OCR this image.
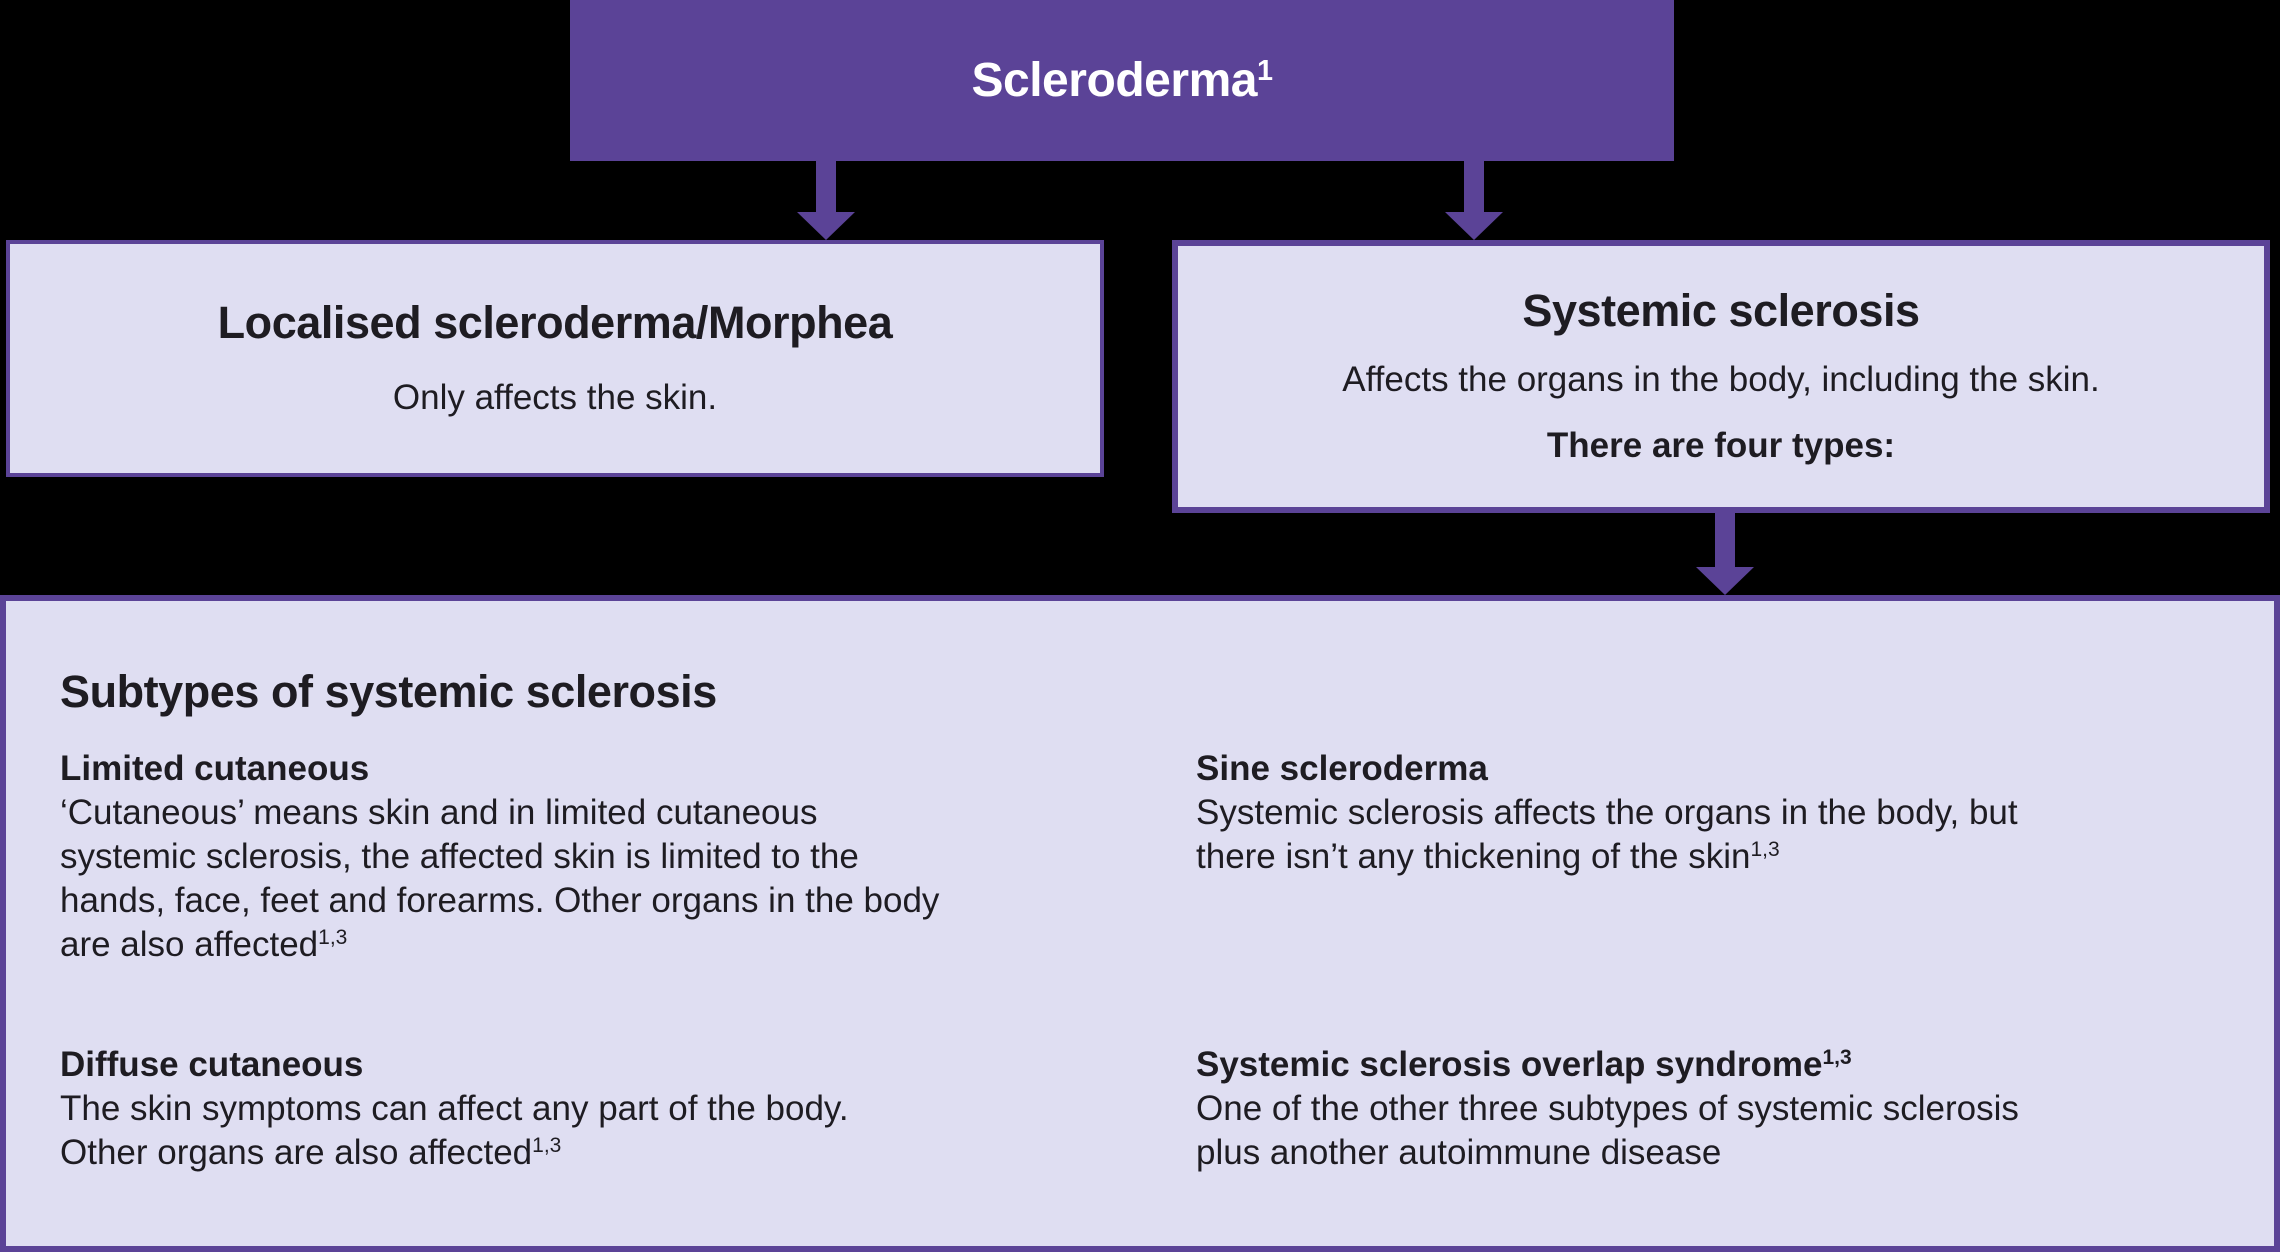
Scleroderma$^1$
Localised scleroderma/Morphea
Only affects the skin.
Systemic sclerosis
Affects the organs in the body, including the skin.
There are four types:
Subtypes of systemic sclerosis
Limited cutaneous
‘Cutaneous’ means skin and in limited cutaneous
systemic sclerosis, the affected skin is limited to the
hands, face, feet and forearms. Other organs in the body
are also affected$^{1,3}$
Sine scleroderma
Systemic sclerosis affects the organs in the body, but
there isn’t any thickening of the skin$^{1,3}$
Diffuse cutaneous
The skin symptoms can affect any part of the body.
Other organs are also affected$^{1,3}$
Systemic sclerosis overlap syndrome$^{1,3}$
One of the other three subtypes of systemic sclerosis
plus another autoimmune disease
